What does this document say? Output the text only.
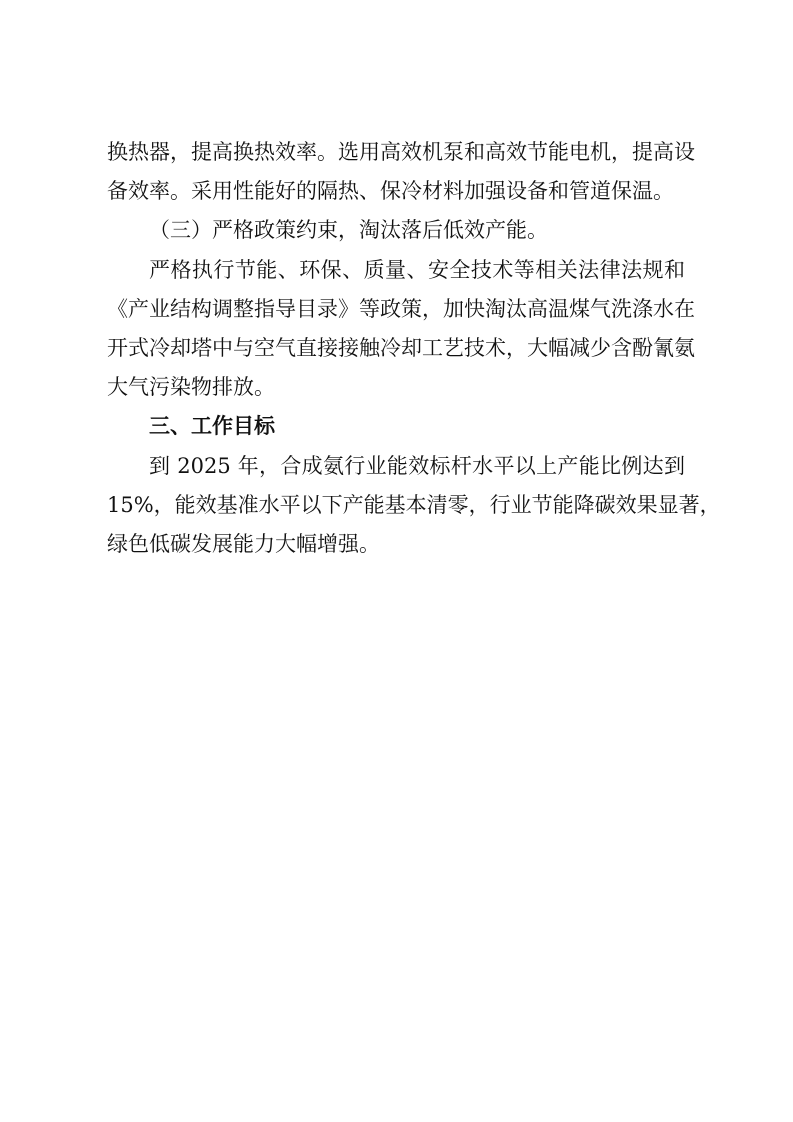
换热器，提高换热效率。选用高效机泵和高效节能电机，提高设
备效率。采用性能好的隔热、保冷材料加强设备和管道保温。
（三）严格政策约束，淘汰落后低效产能。
严格执行节能、环保、质量、安全技术等相关法律法规和
《产业结构调整指导目录》等政策，加快淘汰高温煤气洗涤水在
开式冷却塔中与空气直接接触冷却工艺技术，大幅减少含酚氰氨
大气污染物排放。
三、工作目标
到 2025 年，合成氨行业能效标杆水平以上产能比例达到
15%，能效基准水平以下产能基本清零，行业节能降碳效果显著，
绿色低碳发展能力大幅增强。
